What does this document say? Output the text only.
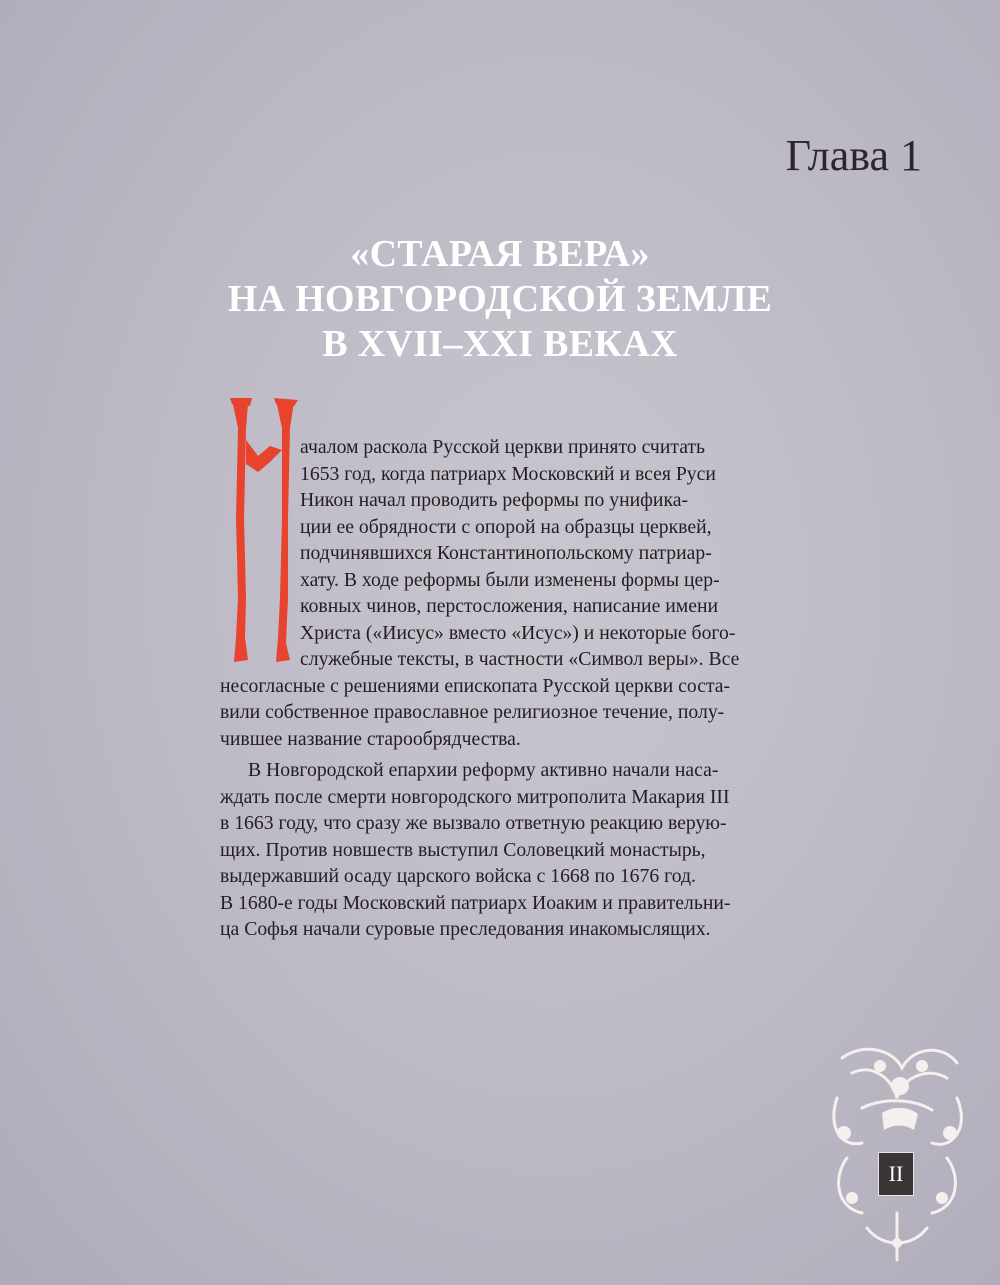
Глава 1
«СТАРАЯ ВЕРА»
НА НОВГОРОДСКОЙ ЗЕМЛЕ
В XVII–XXI ВЕКАХ

ачалом раскола Русской церкви принято считать
1653 год, когда патриарх Московский и всея Руси
Никон начал проводить реформы по унифика-
ции ее обрядности с опорой на образцы церквей,
подчинявшихся Константинопольскому патриар-
хату. В ходе реформы были изменены формы цер-
ковных чинов, перстосложения, написание имени
Христа («Иисус» вместо «Исус») и некоторые бого-
служебные тексты, в частности «Символ веры». Все
несогласные с решениями епископата Русской церкви соста-
вили собственное православное религиозное течение, полу-
чившее название старообрядчества.

В Новгородской епархии реформу активно начали наса-
ждать после смерти новгородского митрополита Макария III
в 1663 году, что сразу же вызвало ответную реакцию верую-
щих. Против новшеств выступил Соловецкий монастырь,
выдержавший осаду царского войска с 1668 по 1676 год.
В 1680-е годы Московский патриарх Иоаким и правительни-
ца Софья начали суровые преследования инакомыслящих.

II
